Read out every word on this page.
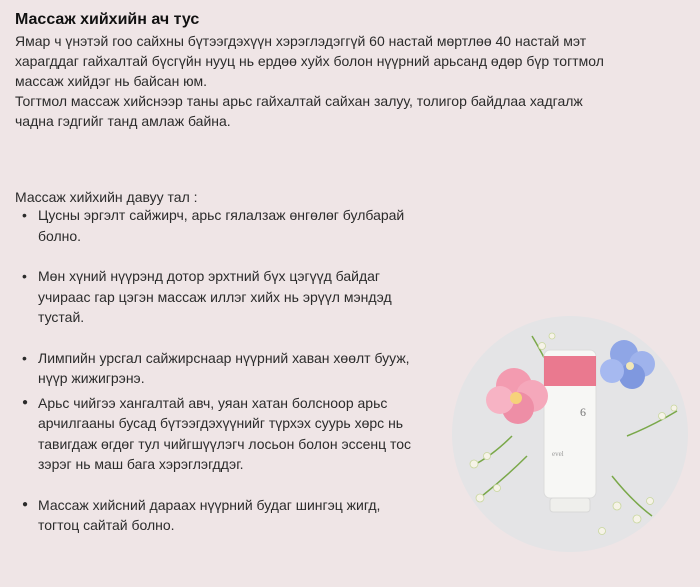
Массаж хийхийн ач тус

Ямар ч үнэтэй гоо сайхны бүтээгдэхүүн хэрэглэдэггүй 60 настай мөртлөө 40 настай мэт

харагддаг гайхалтай бүсгүйн нууц нь ердөө хуйх болон нүүрний арьсанд өдөр бүр тогтмол

массаж хийдэг нь байсан юм.

Тогтмол массаж хийснээр таны арьс гайхалтай сайхан залуу, толигор байдлаа хадгалж

чадна гэдгийг танд амлаж байна.

Массаж хийхийн давуу тал :

• Цусны эргэлт сайжирч, арьс гялалзаж өнгөлөг булбарай
болно.
• Мөн хүний нүүрэнд дотор эрхтний бүх цэгүүд байдаг
учираас гар цэгэн массаж иллэг хийх нь эрүүл мэндэд
тустай.
• Лимпийн урсгал сайжирснаар нүүрний хаван хөөлт бууж,
нүүр жижигрэнэ.
● Арьс чийгээ хангалтай авч, уяан хатан болсноор арьс
арчилгааны бусад бүтээгдэхүүнийг түрхэх суурь хөрс нь
тавигдаж өгдөг тул чийгшүүлэгч лосьон болон эссенц тос
зэрэг нь маш бага хэрэглэгддэг.
● Массаж хийсний дараах нүүрний будаг шингэц жигд,
тогтоц сайтай болно.
evel
6
